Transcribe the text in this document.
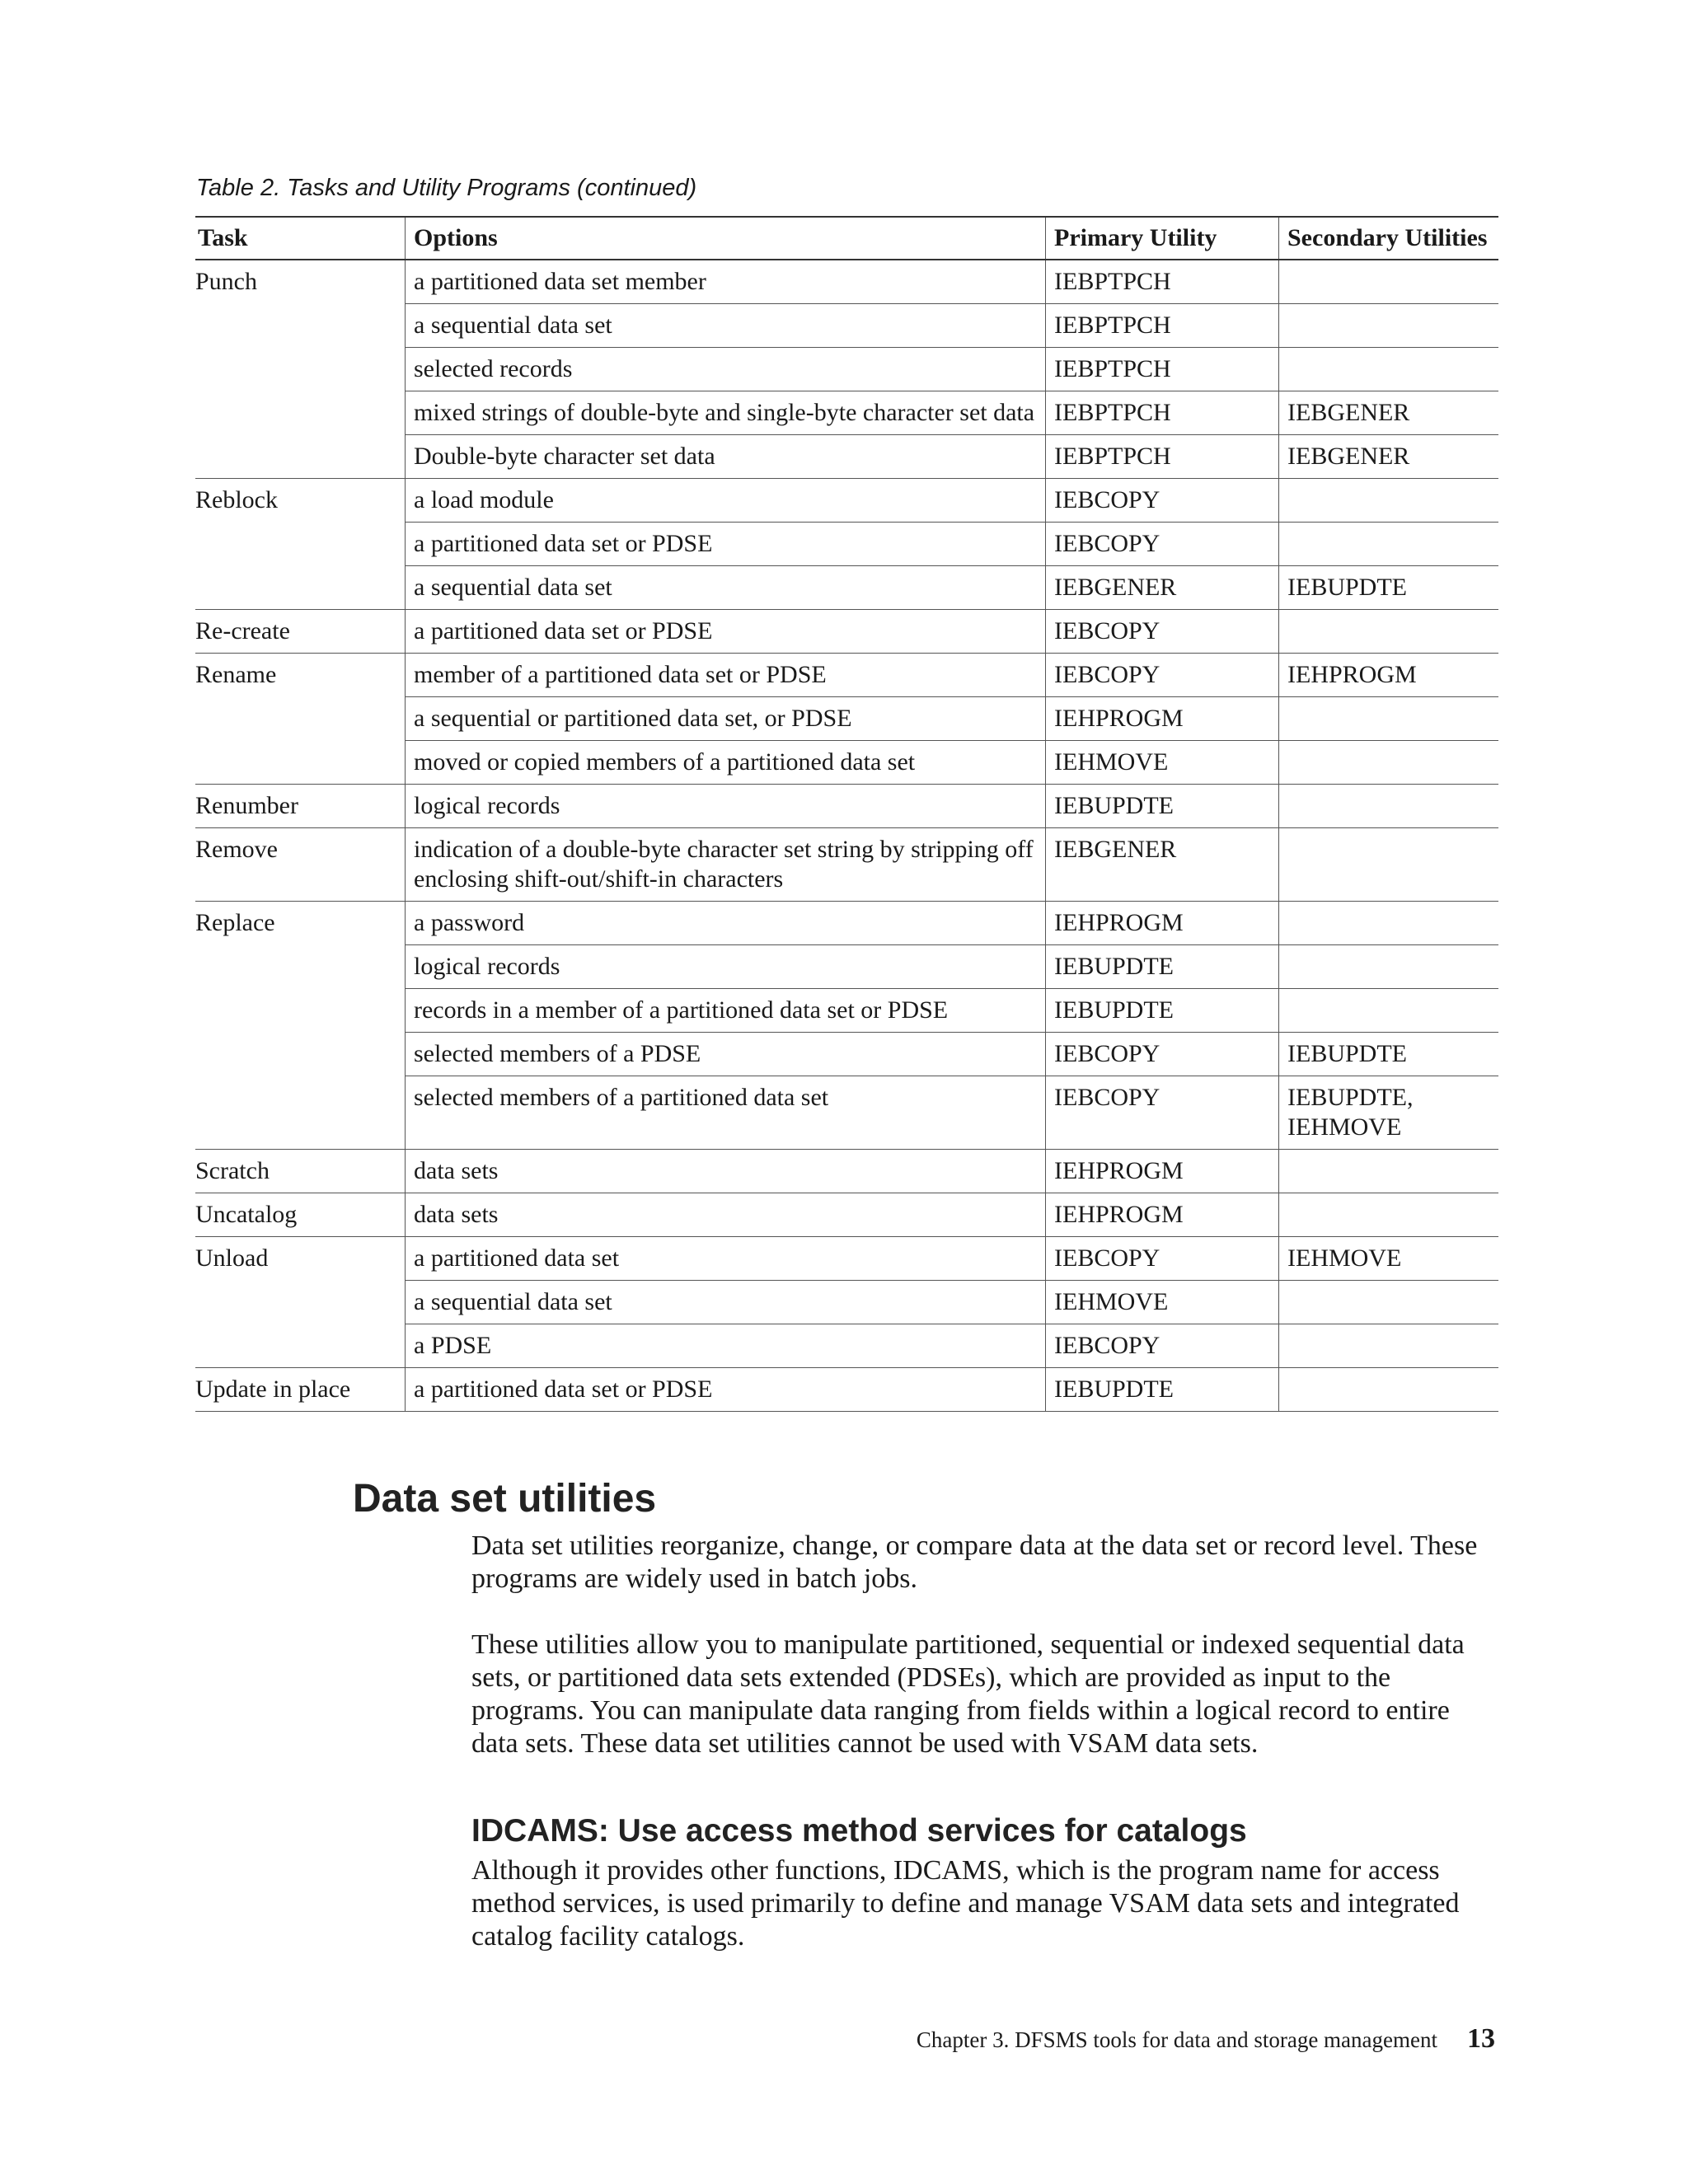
Table 2. Tasks and Utility Programs (continued)
Task	Options	Primary Utility	Secondary Utilities
Punch	a partitioned data set member	IEBPTPCH	
	a sequential data set	IEBPTPCH	
	selected records	IEBPTPCH	
	mixed strings of double-byte and single-byte character set data	IEBPTPCH	IEBGENER
	Double-byte character set data	IEBPTPCH	IEBGENER
Reblock	a load module	IEBCOPY	
	a partitioned data set or PDSE	IEBCOPY	
	a sequential data set	IEBGENER	IEBUPDTE
Re-create	a partitioned data set or PDSE	IEBCOPY	
Rename	member of a partitioned data set or PDSE	IEBCOPY	IEHPROGM
	a sequential or partitioned data set, or PDSE	IEHPROGM	
	moved or copied members of a partitioned data set	IEHMOVE	
Renumber	logical records	IEBUPDTE	
Remove	indication of a double-byte character set string by stripping off enclosing shift-out/shift-in characters	IEBGENER	
Replace	a password	IEHPROGM	
	logical records	IEBUPDTE	
	records in a member of a partitioned data set or PDSE	IEBUPDTE	
	selected members of a PDSE	IEBCOPY	IEBUPDTE
	selected members of a partitioned data set	IEBCOPY	IEBUPDTE, IEHMOVE
Scratch	data sets	IEHPROGM	
Uncatalog	data sets	IEHPROGM	
Unload	a partitioned data set	IEBCOPY	IEHMOVE
	a sequential data set	IEHMOVE	
	a PDSE	IEBCOPY	
Update in place	a partitioned data set or PDSE	IEBUPDTE	
Data set utilities

Data set utilities reorganize, change, or compare data at the data set or record level. These programs are widely used in batch jobs.

These utilities allow you to manipulate partitioned, sequential or indexed sequential data sets, or partitioned data sets extended (PDSEs), which are provided as input to the programs. You can manipulate data ranging from fields within a logical record to entire data sets. These data set utilities cannot be used with VSAM data sets.

IDCAMS: Use access method services for catalogs

Although it provides other functions, IDCAMS, which is the program name for access method services, is used primarily to define and manage VSAM data sets and integrated catalog facility catalogs.

Chapter 3. DFSMS tools for data and storage management 13
